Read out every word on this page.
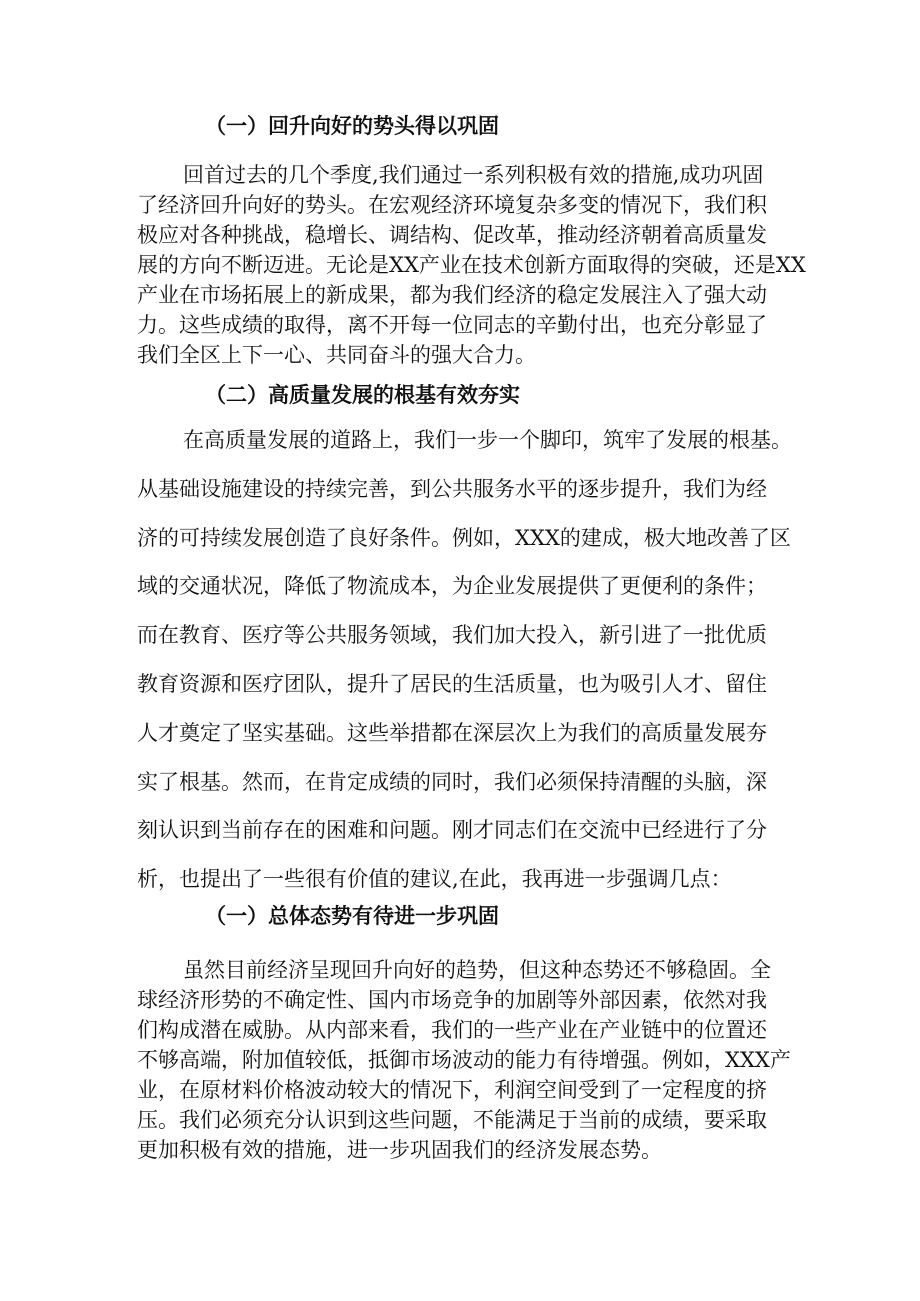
（一）回升向好的势头得以巩固
回首过去的几个季度,我们通过一系列积极有效的措施,成功巩固
了经济回升向好的势头。在宏观经济环境复杂多变的情况下，我们积
极应对各种挑战，稳增长、调结构、促改革，推动经济朝着高质量发
展的方向不断迈进。无论是XX产业在技术创新方面取得的突破，还是XX
产业在市场拓展上的新成果，都为我们经济的稳定发展注入了强大动
力。这些成绩的取得，离不开每一位同志的辛勤付出，也充分彰显了
我们全区上下一心、共同奋斗的强大合力。
（二）高质量发展的根基有效夯实
在高质量发展的道路上，我们一步一个脚印，筑牢了发展的根基。
从基础设施建设的持续完善，到公共服务水平的逐步提升，我们为经
济的可持续发展创造了良好条件。例如，XXX的建成，极大地改善了区
域的交通状况，降低了物流成本，为企业发展提供了更便利的条件；
而在教育、医疗等公共服务领域，我们加大投入，新引进了一批优质
教育资源和医疗团队，提升了居民的生活质量，也为吸引人才、留住
人才奠定了坚实基础。这些举措都在深层次上为我们的高质量发展夯
实了根基。然而，在肯定成绩的同时，我们必须保持清醒的头脑，深
刻认识到当前存在的困难和问题。刚才同志们在交流中已经进行了分
析，也提出了一些很有价值的建议,在此，我再进一步强调几点：
（一）总体态势有待进一步巩固
虽然目前经济呈现回升向好的趋势，但这种态势还不够稳固。全
球经济形势的不确定性、国内市场竞争的加剧等外部因素，依然对我
们构成潜在威胁。从内部来看，我们的一些产业在产业链中的位置还
不够高端，附加值较低，抵御市场波动的能力有待增强。例如，XXX产
业，在原材料价格波动较大的情况下，利润空间受到了一定程度的挤
压。我们必须充分认识到这些问题，不能满足于当前的成绩，要采取
更加积极有效的措施，进一步巩固我们的经济发展态势。
